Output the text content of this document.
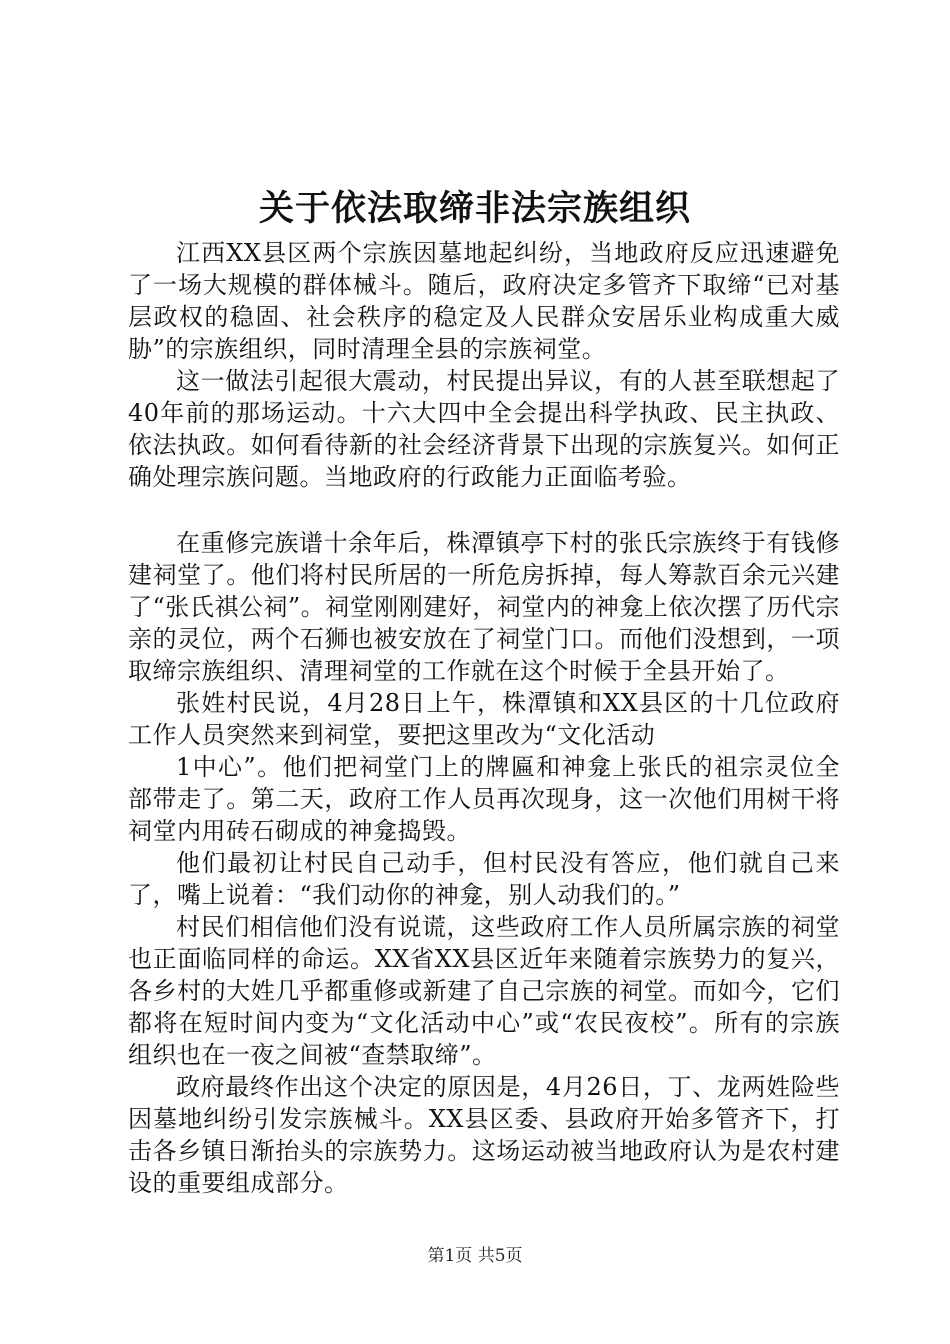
关于依法取缔非法宗族组织

江西XX县区两个宗族因墓地起纠纷，当地政府反应迅速避免了一场大规模的群体械斗。随后，政府决定多管齐下取缔“已对基层政权的稳固、社会秩序的稳定及人民群众安居乐业构成重大威胁”的宗族组织，同时清理全县的宗族祠堂。

这一做法引起很大震动，村民提出异议，有的人甚至联想起了40年前的那场运动。十六大四中全会提出科学执政、民主执政、依法执政。如何看待新的社会经济背景下出现的宗族复兴。如何正确处理宗族问题。当地政府的行政能力正面临考验。

在重修完族谱十余年后，株潭镇亭下村的张氏宗族终于有钱修建祠堂了。他们将村民所居的一所危房拆掉，每人筹款百余元兴建了“张氏祺公祠”。祠堂刚刚建好，祠堂内的神龛上依次摆了历代宗亲的灵位，两个石狮也被安放在了祠堂门口。而他们没想到，一项取缔宗族组织、清理祠堂的工作就在这个时候于全县开始了。

张姓村民说，4月28日上午，株潭镇和XX县区的十几位政府工作人员突然来到祠堂，要把这里改为“文化活动

1中心”。他们把祠堂门上的牌匾和神龛上张氏的祖宗灵位全部带走了。第二天，政府工作人员再次现身，这一次他们用树干将祠堂内用砖石砌成的神龛捣毁。

他们最初让村民自己动手，但村民没有答应，他们就自己来了，嘴上说着：“我们动你的神龛，别人动我们的。”

村民们相信他们没有说谎，这些政府工作人员所属宗族的祠堂也正面临同样的命运。XX省XX县区近年来随着宗族势力的复兴，各乡村的大姓几乎都重修或新建了自己宗族的祠堂。而如今，它们都将在短时间内变为“文化活动中心”或“农民夜校”。所有的宗族组织也在一夜之间被“查禁取缔”。

政府最终作出这个决定的原因是，4月26日，丁、龙两姓险些因墓地纠纷引发宗族械斗。XX县区委、县政府开始多管齐下，打击各乡镇日渐抬头的宗族势力。这场运动被当地政府认为是农村建设的重要组成部分。

第1页 共5页
